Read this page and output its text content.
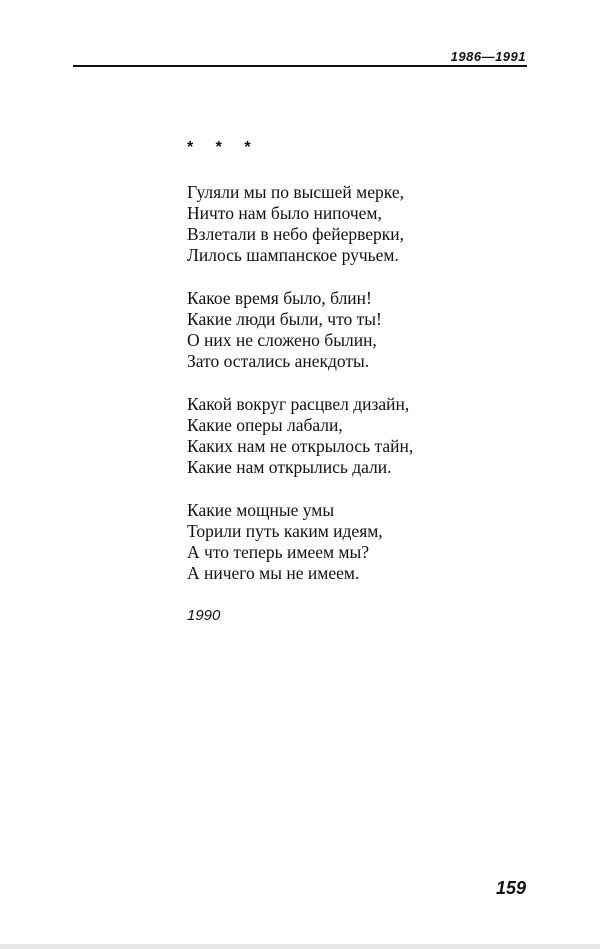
1986—1991
* * *
Гуляли мы по высшей мерке,
Ничто нам было нипочем,
Взлетали в небо фейерверки,
Лилось шампанское ручьем.
Какое время было, блин!
Какие люди были, что ты!
О них не сложено былин,
Зато остались анекдоты.
Какой вокруг расцвел дизайн,
Какие оперы лабали,
Каких нам не открылось тайн,
Какие нам открылись дали.
Какие мощные умы
Торили путь каким идеям,
А что теперь имеем мы?
А ничего мы не имеем.
1990
159
